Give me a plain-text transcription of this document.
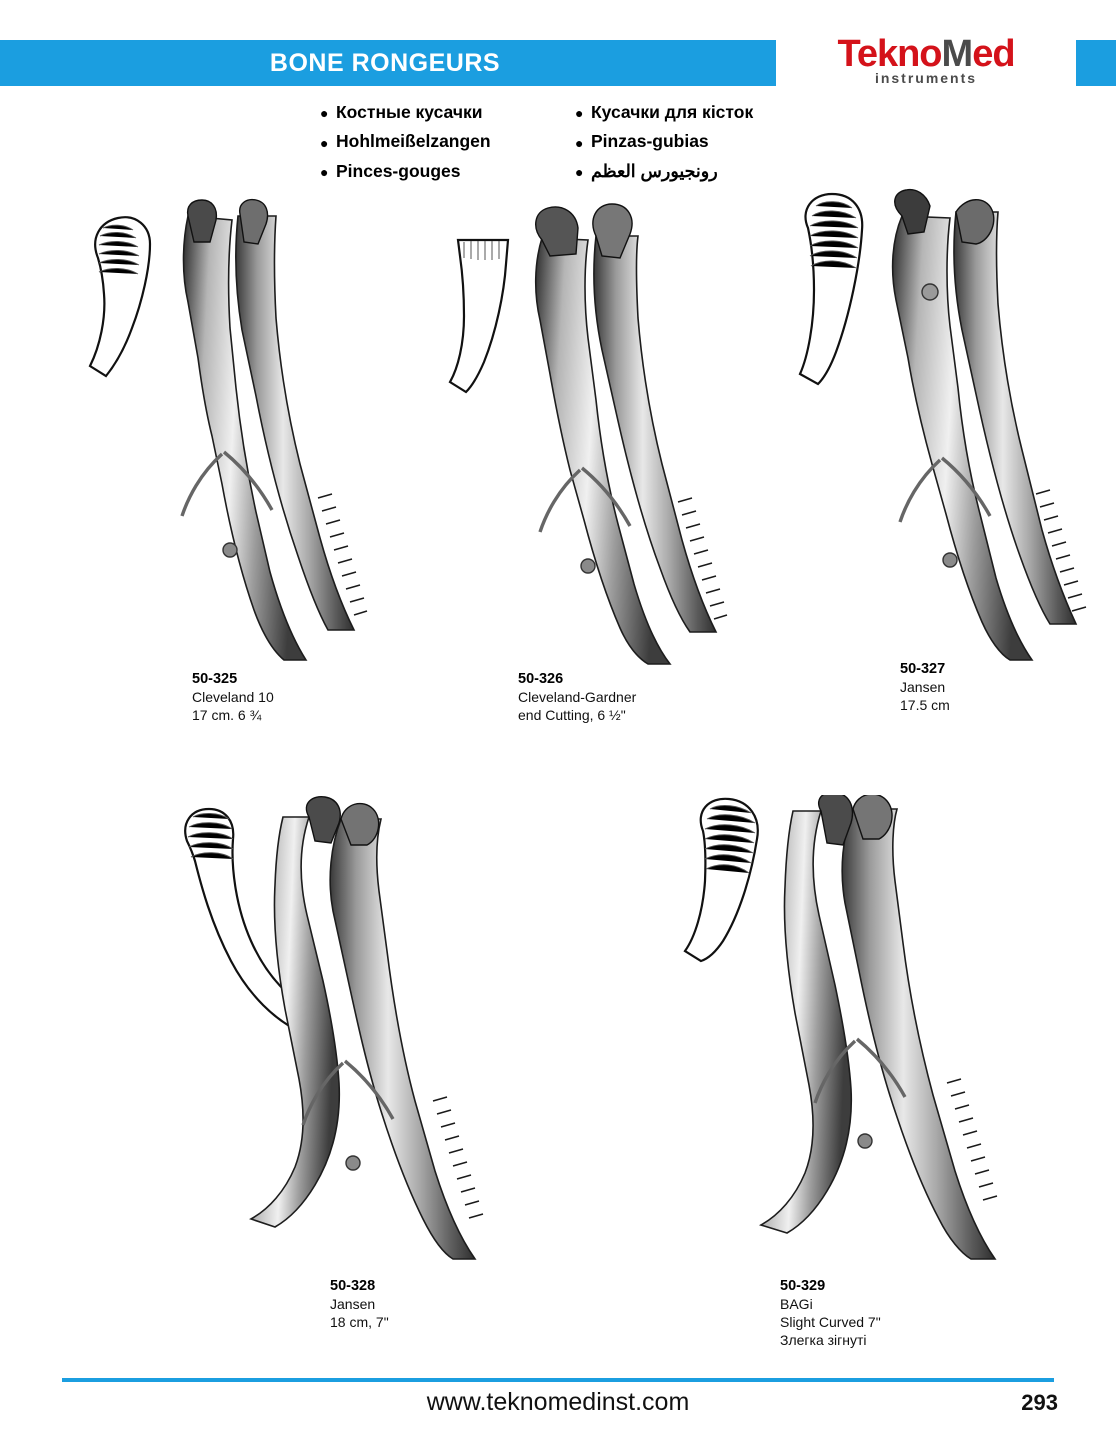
BONE RONGEURS	TeknoMed
instruments
● Костные кусачки
● Hohlmeißelzangen
● Pinces-gouges
● Кусачки для кісток
● Pinzas-gubias
● رونجيورس العظم
50-325
Cleveland 10
17 cm. 6 ¾
50-326
Cleveland-Gardner
end Cutting, 6 ½"
50-327
Jansen
17.5 cm
50-328
Jansen
18 cm, 7"
50-329
BAGi
Slight Curved 7"
Злегка зігнуті
www.teknomedinst.com	293
